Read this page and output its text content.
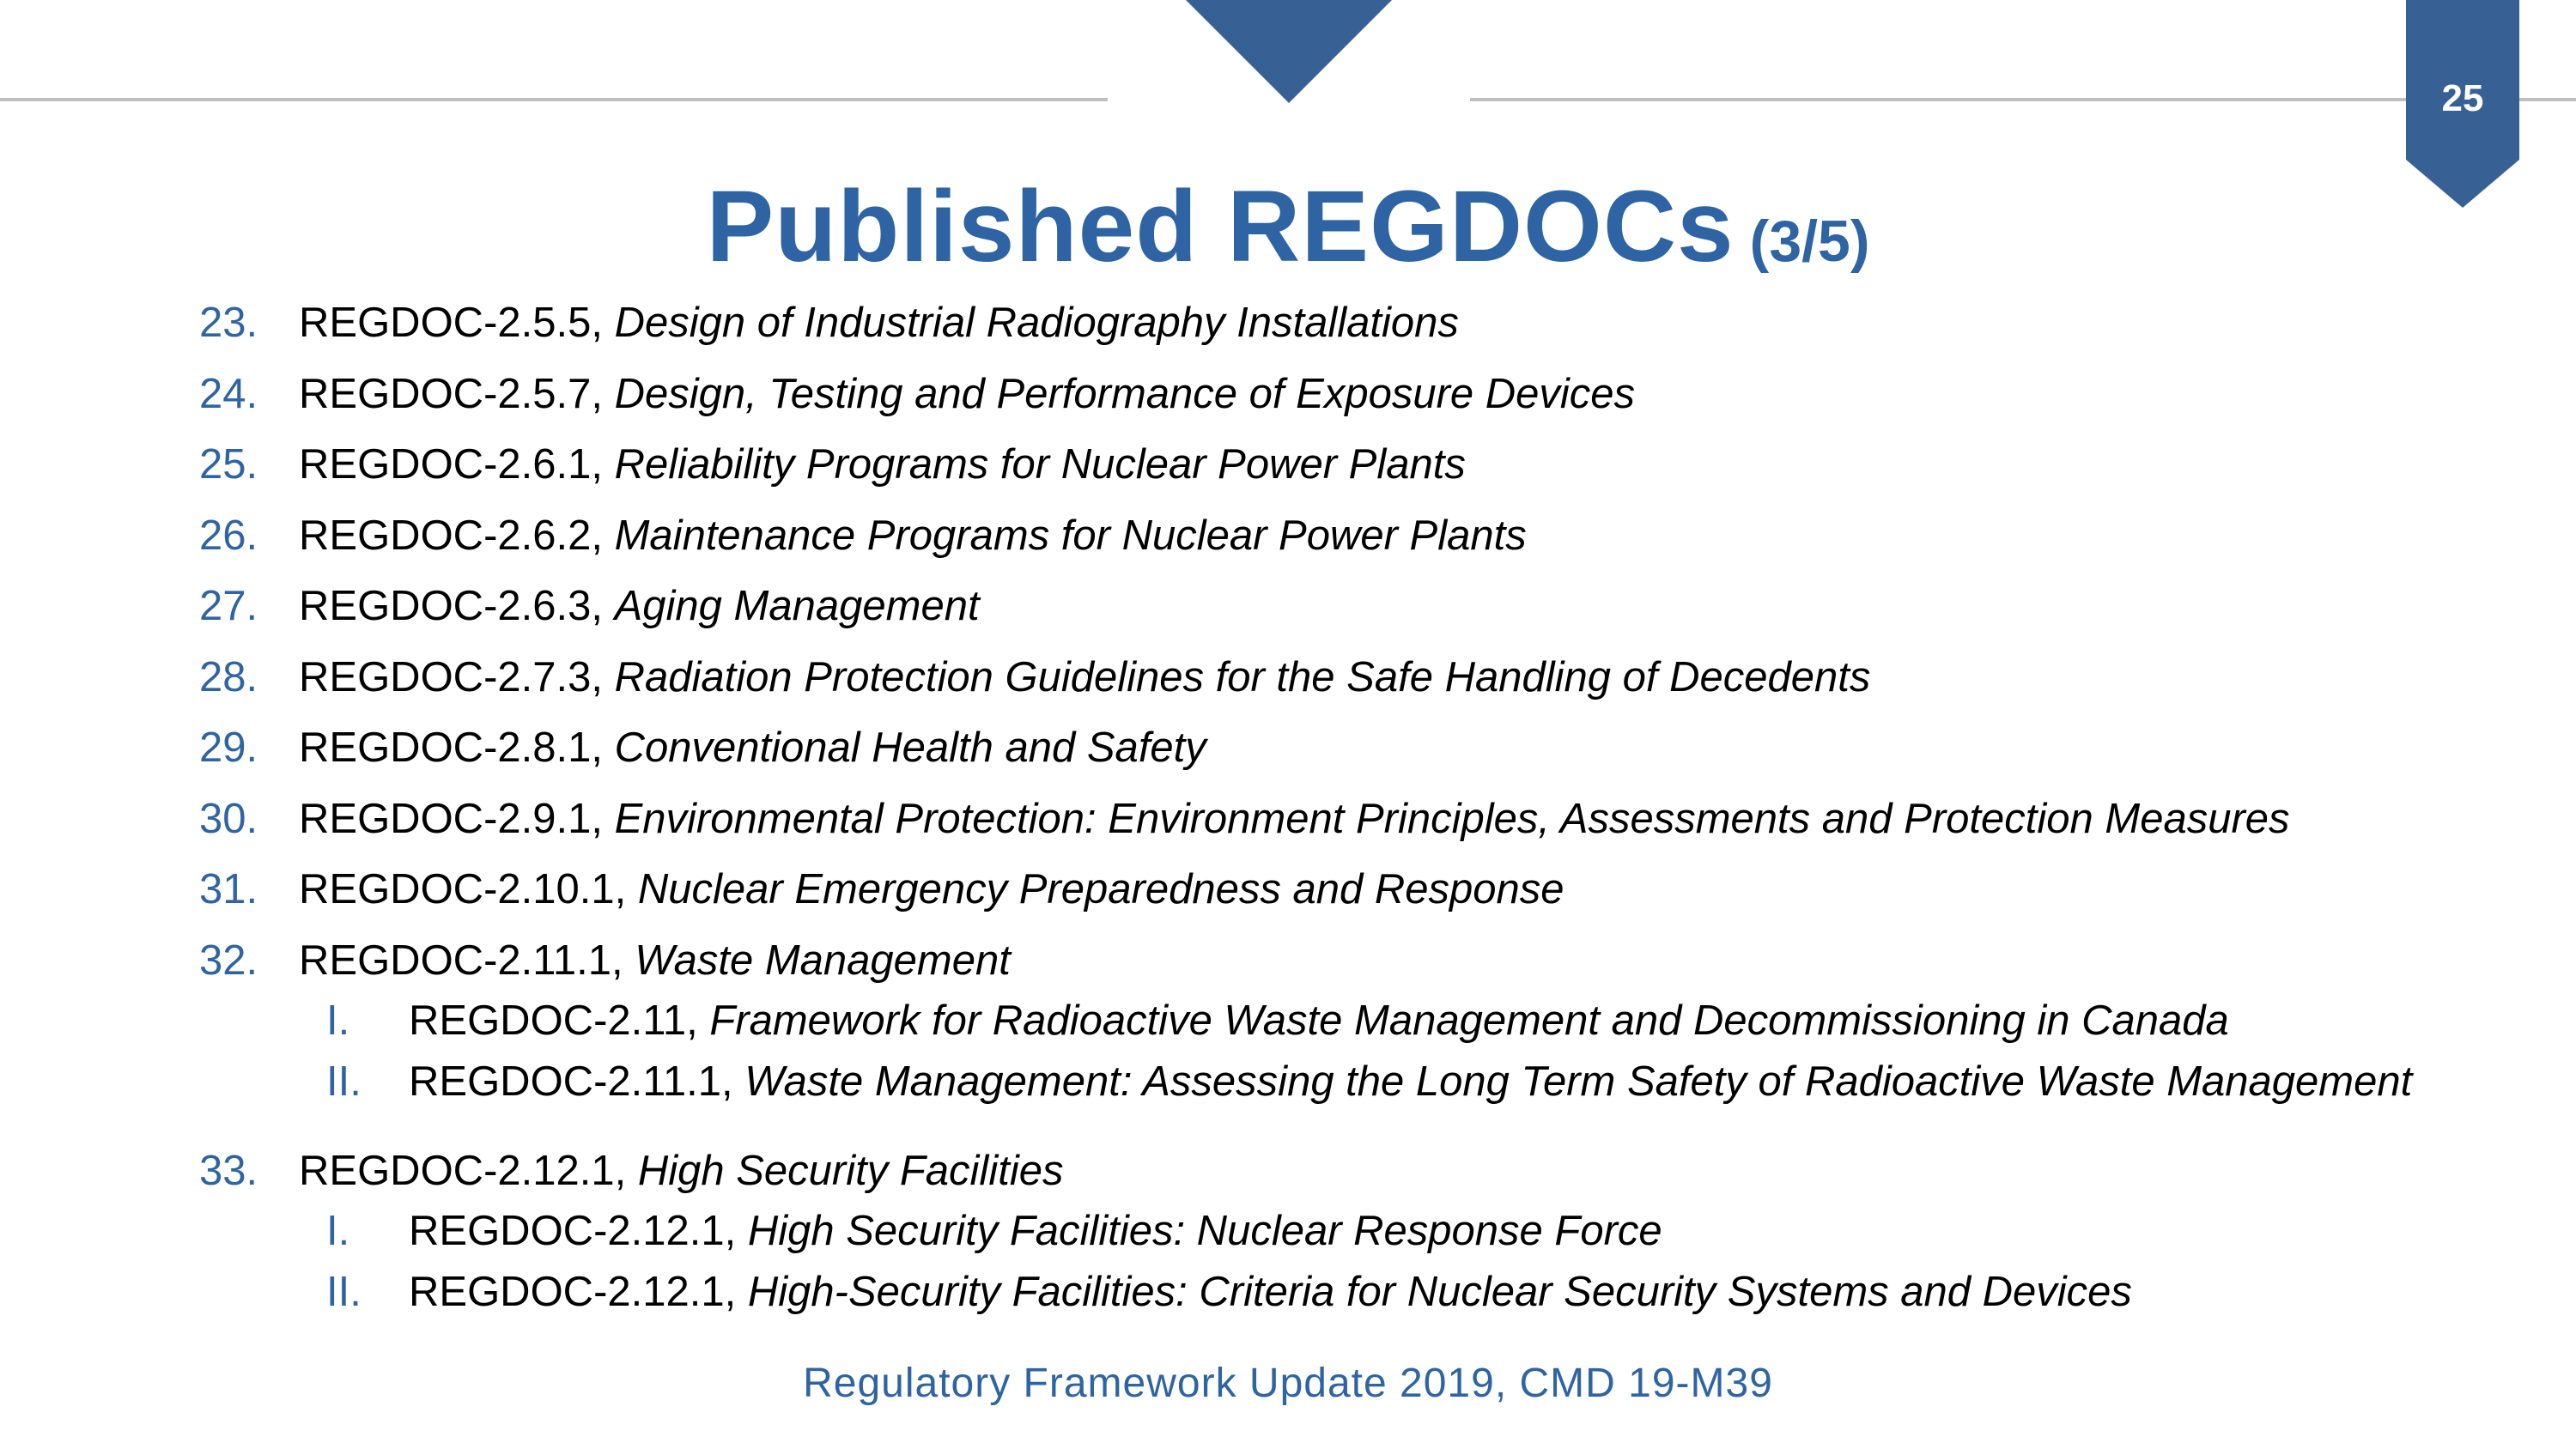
25
Published REGDOCs (3/5)
23. REGDOC-2.5.5, Design of Industrial Radiography Installations
24. REGDOC-2.5.7, Design, Testing and Performance of Exposure Devices
25. REGDOC-2.6.1, Reliability Programs for Nuclear Power Plants
26. REGDOC-2.6.2, Maintenance Programs for Nuclear Power Plants
27. REGDOC-2.6.3, Aging Management
28. REGDOC-2.7.3, Radiation Protection Guidelines for the Safe Handling of Decedents
29. REGDOC-2.8.1, Conventional Health and Safety
30. REGDOC-2.9.1, Environmental Protection: Environment Principles, Assessments and Protection Measures
31. REGDOC-2.10.1, Nuclear Emergency Preparedness and Response
32. REGDOC-2.11.1, Waste Management
I. REGDOC-2.11, Framework for Radioactive Waste Management and Decommissioning in Canada
II. REGDOC-2.11.1, Waste Management: Assessing the Long Term Safety of Radioactive Waste Management
33. REGDOC-2.12.1, High Security Facilities
I. REGDOC-2.12.1, High Security Facilities: Nuclear Response Force
II. REGDOC-2.12.1, High-Security Facilities: Criteria for Nuclear Security Systems and Devices
Regulatory Framework Update 2019, CMD 19-M39
